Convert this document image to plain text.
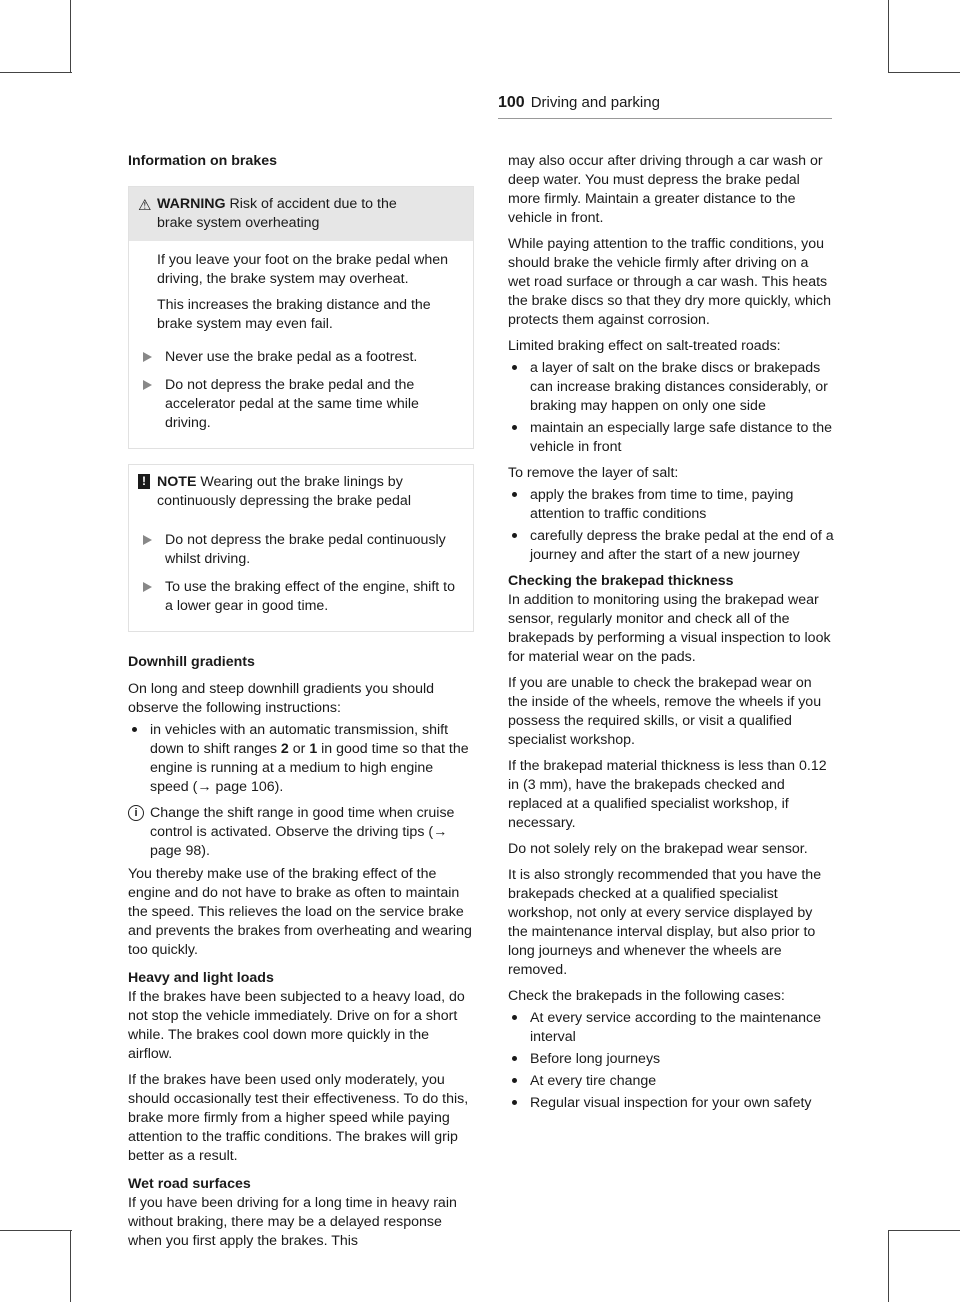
100 Driving and parking
Information on brakes
⚠ WARNING Risk of accident due to the
brake system overheating

If you leave your foot on the brake pedal when driving, the brake system may overheat.

This increases the braking distance and the brake system may even fail.

Never use the brake pedal as a footrest.
Do not depress the brake pedal and the accelerator pedal at the same time while driving.
! NOTE Wearing out the brake linings by
continuously depressing the brake pedal
Do not depress the brake pedal continuously whilst driving.
To use the braking effect of the engine, shift to a lower gear in good time.
Downhill gradients

On long and steep downhill gradients you should observe the following instructions:

in vehicles with an automatic transmission, shift down to shift ranges 2 or 1 in good time so that the engine is running at a medium to high engine speed (→ page 106).
i Change the shift range in good time when cruise control is activated. Observe the driving tips (→ page 98).

You thereby make use of the braking effect of the engine and do not have to brake as often to maintain the speed. This relieves the load on the service brake and prevents the brakes from overheating and wearing too quickly.

Heavy and light loads

If the brakes have been subjected to a heavy load, do not stop the vehicle immediately. Drive on for a short while. The brakes cool down more quickly in the airflow.

If the brakes have been used only moderately, you should occasionally test their effectiveness. To do this, brake more firmly from a higher speed while paying attention to the traffic conditions. The brakes will grip better as a result.

Wet road surfaces

If you have been driving for a long time in heavy rain without braking, there may be a delayed response when you first apply the brakes. This

may also occur after driving through a car wash or deep water. You must depress the brake pedal more firmly. Maintain a greater distance to the vehicle in front.

While paying attention to the traffic conditions, you should brake the vehicle firmly after driving on a wet road surface or through a car wash. This heats the brake discs so that they dry more quickly, which protects them against corrosion.

Limited braking effect on salt-treated roads:

a layer of salt on the brake discs or brakepads can increase braking distances considerably, or braking may happen on only one side
maintain an especially large safe distance to the vehicle in front

To remove the layer of salt:

apply the brakes from time to time, paying attention to traffic conditions
carefully depress the brake pedal at the end of a journey and after the start of a new journey
Checking the brakepad thickness

In addition to monitoring using the brakepad wear sensor, regularly monitor and check all of the brakepads by performing a visual inspection to look for material wear on the pads.

If you are unable to check the brakepad wear on the inside of the wheels, remove the wheels if you possess the required skills, or visit a qualified specialist workshop.

If the brakepad material thickness is less than 0.12 in (3 mm), have the brakepads checked and replaced at a qualified specialist workshop, if necessary.

Do not solely rely on the brakepad wear sensor.

It is also strongly recommended that you have the brakepads checked at a qualified specialist workshop, not only at every service displayed by the maintenance interval display, but also prior to long journeys and whenever the wheels are removed.

Check the brakepads in the following cases:

At every service according to the maintenance interval
Before long journeys
At every tire change
Regular visual inspection for your own safety
